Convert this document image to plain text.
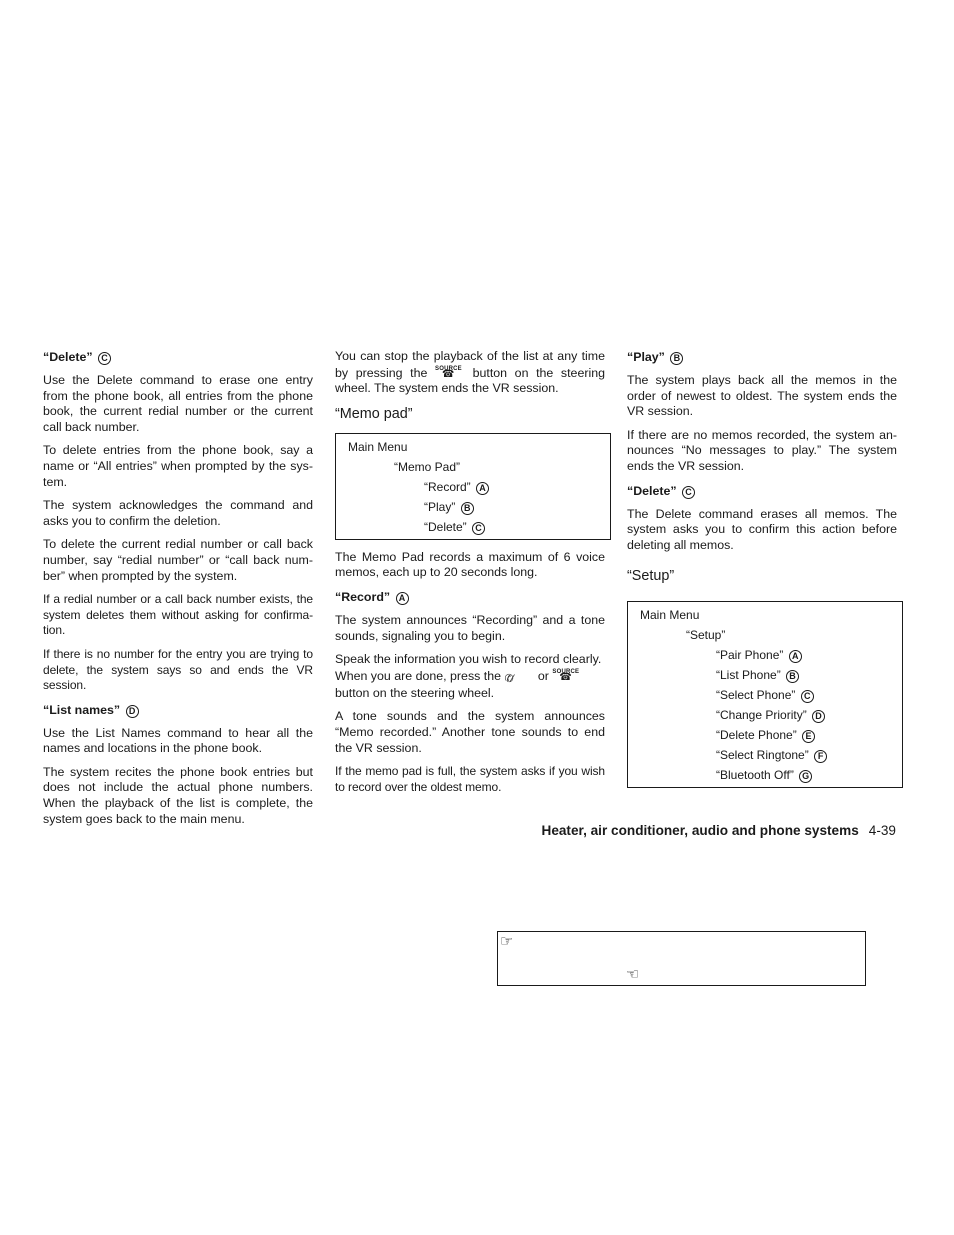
“Delete” C

Use the Delete command to erase one entry from the phone book, all entries from the phone book, the current redial number or the current call back number.

To delete entries from the phone book, say a name or “All entries” when prompted by the sys-tem.

The system acknowledges the command and asks you to confirm the deletion.

To delete the current redial number or call back number, say “redial number” or “call back num-ber” when prompted by the system.

If a redial number or a call back number exists, the system deletes them without asking for confirma-tion.

If there is no number for the entry you are trying to delete, the system says so and ends the VR session.

“List names” D

Use the List Names command to hear all the names and locations in the phone book.

The system recites the phone book entries but does not include the actual phone numbers. When the playback of the list is complete, the system goes back to the main menu.

You can stop the playback of the list at any time by pressing the SOURCE
☎ button on the steering wheel. The system ends the VR session.

“Memo pad”
Main Menu
“Memo Pad”
“Record” A
“Play” B
“Delete” C

The Memo Pad records a maximum of 6 voice memos, each up to 20 seconds long.

“Record” A

The system announces “Recording” and a tone sounds, signaling you to begin.

Speak the information you wish to record clearly. When you are done, press the ✆⁄ or SOURCE
☎
button on the steering wheel.

A tone sounds and the system announces “Memo recorded.” Another tone sounds to end the VR session.

If the memo pad is full, the system asks if you wish to record over the oldest memo.

“Play” B

The system plays back all the memos in the order of newest to oldest. The system ends the VR session.

If there are no memos recorded, the system an-nounces “No messages to play.” The system ends the VR session.

“Delete” C

The Delete command erases all memos. The system asks you to confirm this action before deleting all memos.

“Setup”
Main Menu
“Setup”
“Pair Phone” A
“List Phone” B
“Select Phone” C
“Change Priority” D
“Delete Phone” E
“Select Ringtone” F
“Bluetooth Off” G
Heater, air conditioner, audio and phone systems 4-39
☞
☜
